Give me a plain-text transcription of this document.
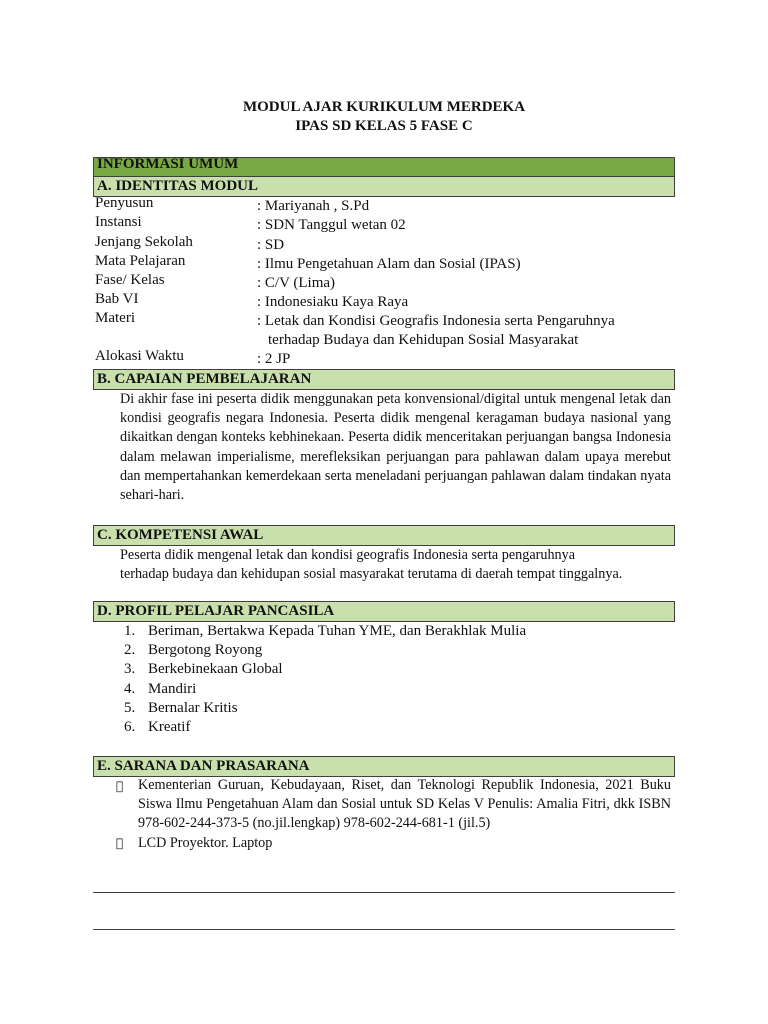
MODUL AJAR KURIKULUM MERDEKA
IPAS SD KELAS 5 FASE C
INFORMASI UMUM
A. IDENTITAS MODUL
Penyusun	: Mariyanah , S.Pd
Instansi	: SDN Tanggul wetan 02
Jenjang Sekolah	: SD
Mata Pelajaran	: Ilmu Pengetahuan Alam dan Sosial (IPAS)
Fase/ Kelas	: C/V (Lima)
Bab VI	: Indonesiaku Kaya Raya
Materi	: Letak dan Kondisi Geografis Indonesia serta Pengaruhnya
terhadap Budaya dan Kehidupan Sosial Masyarakat
Alokasi Waktu	: 2 JP
B. CAPAIAN PEMBELAJARAN
Di akhir fase ini peserta didik menggunakan peta konvensional/digital untuk mengenal letak dan kondisi geografis negara Indonesia. Peserta didik mengenal keragaman budaya nasional yang dikaitkan dengan konteks kebhinekaan. Peserta didik menceritakan perjuangan bangsa Indonesia dalam melawan imperialisme, merefleksikan perjuangan para pahlawan dalam upaya merebut dan mempertahankan kemerdekaan serta meneladani perjuangan pahlawan dalam tindakan nyata sehari-hari.
C. KOMPETENSI AWAL
Peserta didik mengenal letak dan kondisi geografis Indonesia serta pengaruhnya
terhadap budaya dan kehidupan sosial masyarakat terutama di daerah tempat tinggalnya.
D. PROFIL PELAJAR PANCASILA
1. Beriman, Bertakwa Kepada Tuhan YME, dan Berakhlak Mulia
2. Bergotong Royong
3. Berkebinekaan Global
4. Mandiri
5. Bernalar Kritis
6. Kreatif
E. SARANA DAN PRASARANA
Kementerian Guruan, Kebudayaan, Riset, dan Teknologi Republik Indonesia, 2021 Buku Siswa Ilmu Pengetahuan Alam dan Sosial untuk SD Kelas V Penulis: Amalia Fitri, dkk ISBN 978-602-244-373-5 (no.jil.lengkap) 978-602-244-681-1 (jil.5)
LCD Proyektor. Laptop
